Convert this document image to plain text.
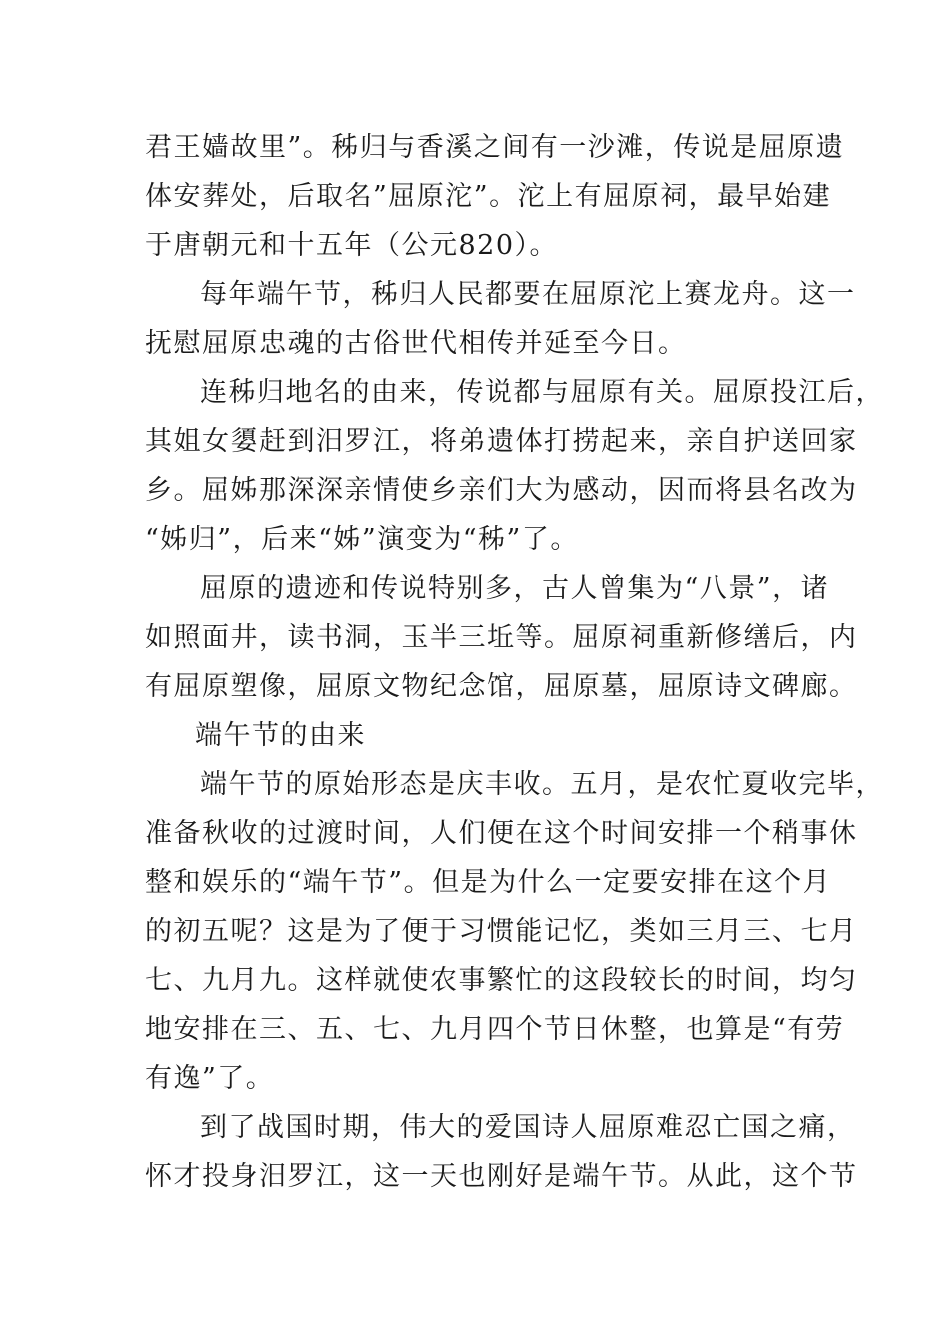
君王嫱故里”。秭归与香溪之间有一沙滩，传说是屈原遗
体安葬处，后取名”屈原沱”。沱上有屈原祠，最早始建
于唐朝元和十五年（公元820）。
每年端午节，秭归人民都要在屈原沱上赛龙舟。这一
抚慰屈原忠魂的古俗世代相传并延至今日。
连秭归地名的由来，传说都与屈原有关。屈原投江后，
其姐女嬃赶到汨罗江，将弟遗体打捞起来，亲自护送回家
乡。屈姊那深深亲情使乡亲们大为感动，因而将县名改为
“姊归”，后来“姊”演变为“秭”了。
屈原的遗迹和传说特别多，古人曾集为“八景”，诸
如照面井，读书洞，玉半三坵等。屈原祠重新修缮后，内
有屈原塑像，屈原文物纪念馆，屈原墓，屈原诗文碑廊。
端午节的由来
端午节的原始形态是庆丰收。五月，是农忙夏收完毕，
准备秋收的过渡时间，人们便在这个时间安排一个稍事休
整和娱乐的“端午节”。但是为什么一定要安排在这个月
的初五呢？这是为了便于习惯能记忆，类如三月三、七月
七、九月九。这样就使农事繁忙的这段较长的时间，均匀
地安排在三、五、七、九月四个节日休整，也算是“有劳
有逸”了。
到了战国时期，伟大的爱国诗人屈原难忍亡国之痛，
怀才投身汨罗江，这一天也刚好是端午节。从此，这个节
